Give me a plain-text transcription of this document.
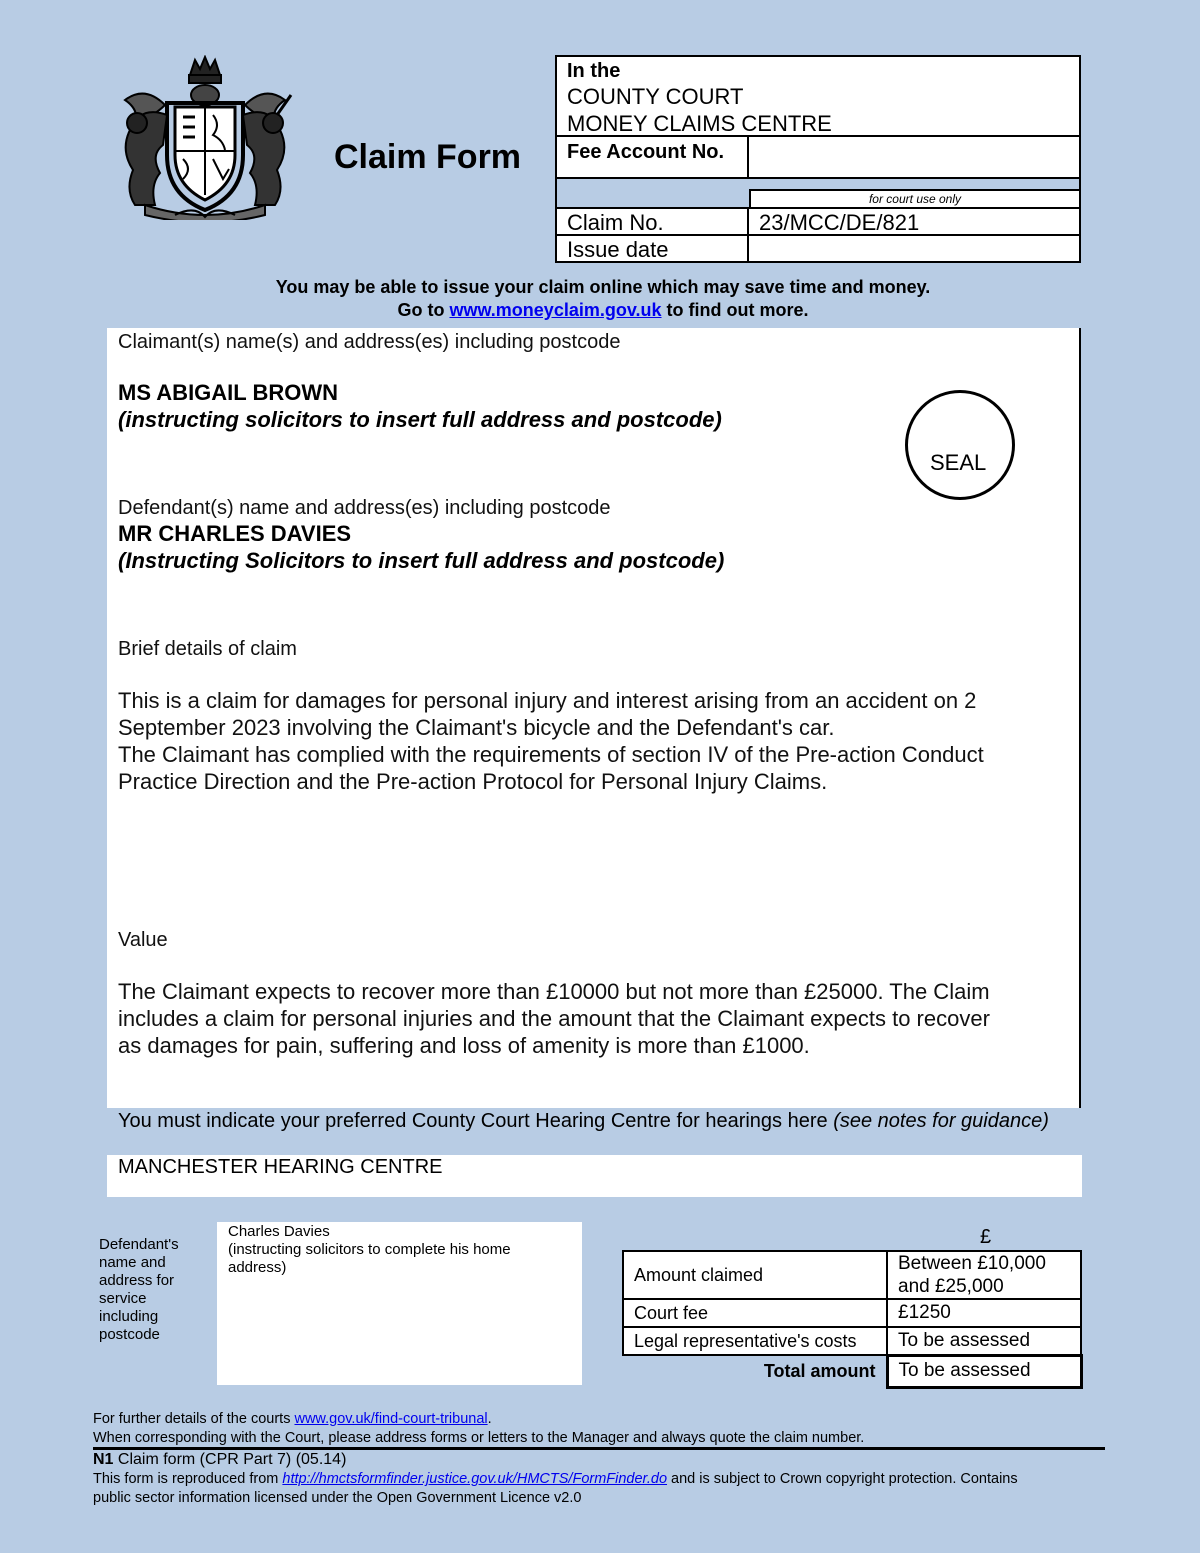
Claim Form
In the
COUNTY COURT
MONEY CLAIMS CENTRE
Fee Account No.
for court use only
Claim No.	23/MCC/DE/821
Issue date
You may be able to issue your claim online which may save time and money.
Go to www.moneyclaim.gov.uk to find out more.
Claimant(s) name(s) and address(es) including postcode
MS ABIGAIL BROWN
(instructing solicitors to insert full address and postcode)
SEAL
Defendant(s) name and address(es) including postcode
MR CHARLES DAVIES
(Instructing Solicitors to insert full address and postcode)
Brief details of claim
This is a claim for damages for personal injury and interest arising from an accident on 2
September 2023 involving the Claimant's bicycle and the Defendant's car.
The Claimant has complied with the requirements of section IV of the Pre-action Conduct
Practice Direction and the Pre-action Protocol for Personal Injury Claims.
Value
The Claimant expects to recover more than £10000 but not more than £25000. The Claim
includes a claim for personal injuries and the amount that the Claimant expects to recover
as damages for pain, suffering and loss of amenity is more than £1000.
You must indicate your preferred County Court Hearing Centre for hearings here (see notes for guidance)
MANCHESTER HEARING CENTRE
Defendant's
name and
address for
service
including
postcode
Charles Davies
(instructing solicitors to complete his home
address)
£
Amount claimed	Between £10,000
and £25,000

Court fee	£1250
Legal representative's costs	To be assessed
Total amount	To be assessed
For further details of the courts www.gov.uk/find-court-tribunal.
When corresponding with the Court, please address forms or letters to the Manager and always quote the claim number.
N1 Claim form (CPR Part 7) (05.14)
This form is reproduced from http://hmctsformfinder.justice.gov.uk/HMCTS/FormFinder.do and is subject to Crown copyright protection. Contains
public sector information licensed under the Open Government Licence v2.0
